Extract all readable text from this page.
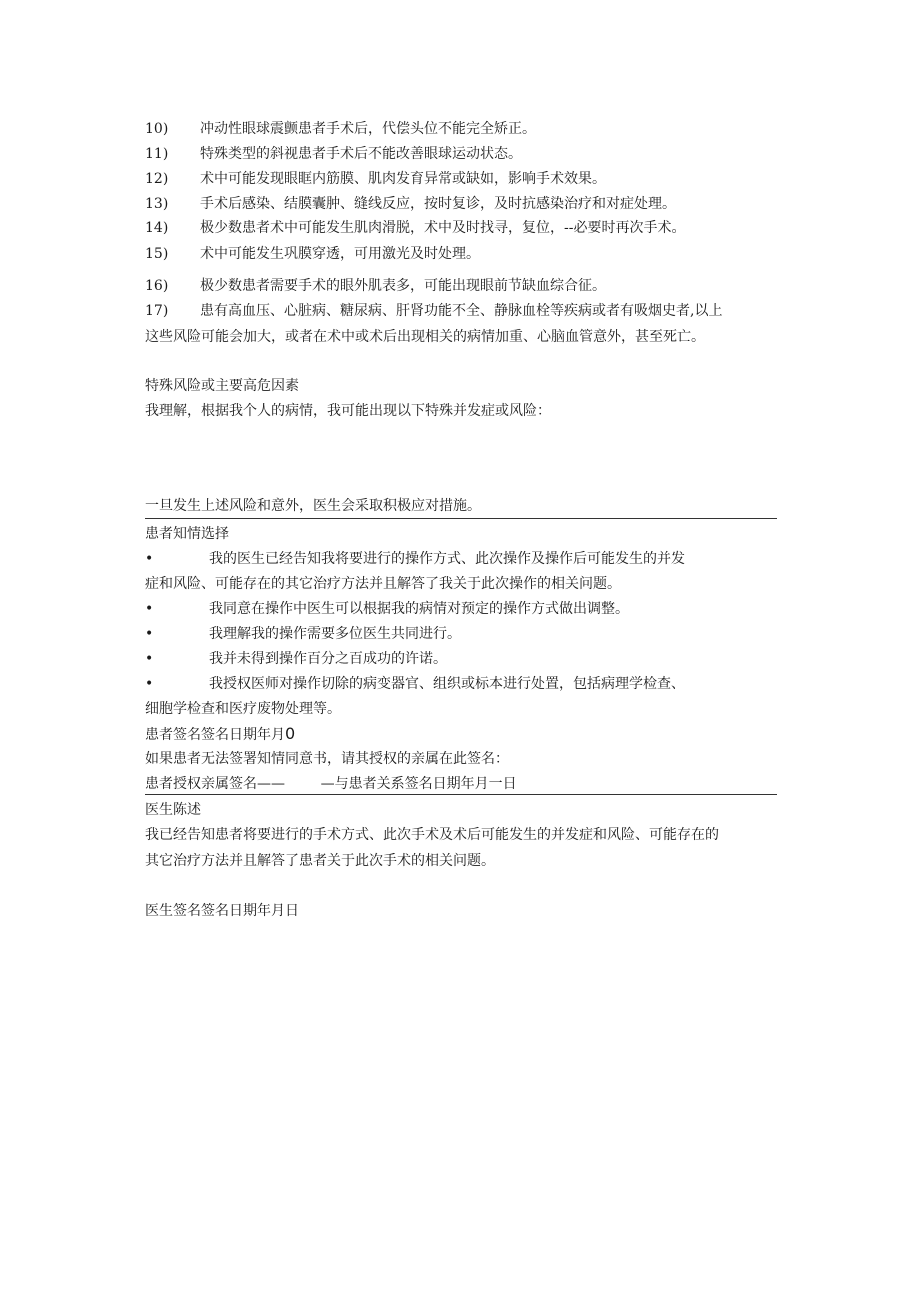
10) 冲动性眼球震颤患者手术后，代偿头位不能完全矫正。
11) 特殊类型的斜视患者手术后不能改善眼球运动状态。
12) 术中可能发现眼眶内筋膜、肌肉发育异常或缺如，影响手术效果。
13) 手术后感染、结膜囊肿、缝线反应，按时复诊，及时抗感染治疗和对症处理。
14) 极少数患者术中可能发生肌肉滑脱，术中及时找寻，复位，--必要时再次手术。
15) 术中可能发生巩膜穿透，可用激光及时处理。
16) 极少数患者需要手术的眼外肌表多，可能出现眼前节缺血综合征。
17) 患有高血压、心脏病、糖尿病、肝肾功能不全、静脉血栓等疾病或者有吸烟史者,以上
这些风险可能会加大，或者在术中或术后出现相关的病情加重、心脑血管意外，甚至死亡。
特殊风险或主要高危因素
我理解，根据我个人的病情，我可能出现以下特殊并发症或风险：
一旦发生上述风险和意外，医生会采取积极应对措施。
患者知情选择
•	我的医生已经告知我将要进行的操作方式、此次操作及操作后可能发生的并发
症和风险、可能存在的其它治疗方法并且解答了我关于此次操作的相关问题。
•	我同意在操作中医生可以根据我的病情对预定的操作方式做出调整。
•	我理解我的操作需要多位医生共同进行。
•	我并未得到操作百分之百成功的许诺。
•	我授权医师对操作切除的病变器官、组织或标本进行处置，包括病理学检查、
细胞学检查和医疗废物处理等。
患者签名签名日期年月0
如果患者无法签署知情同意书，请其授权的亲属在此签名：
患者授权亲属签名——        —与患者关系签名日期年月一日
医生陈述
我已经告知患者将要进行的手术方式、此次手术及术后可能发生的并发症和风险、可能存在的
其它治疗方法并且解答了患者关于此次手术的相关问题。
医生签名签名日期年月日
